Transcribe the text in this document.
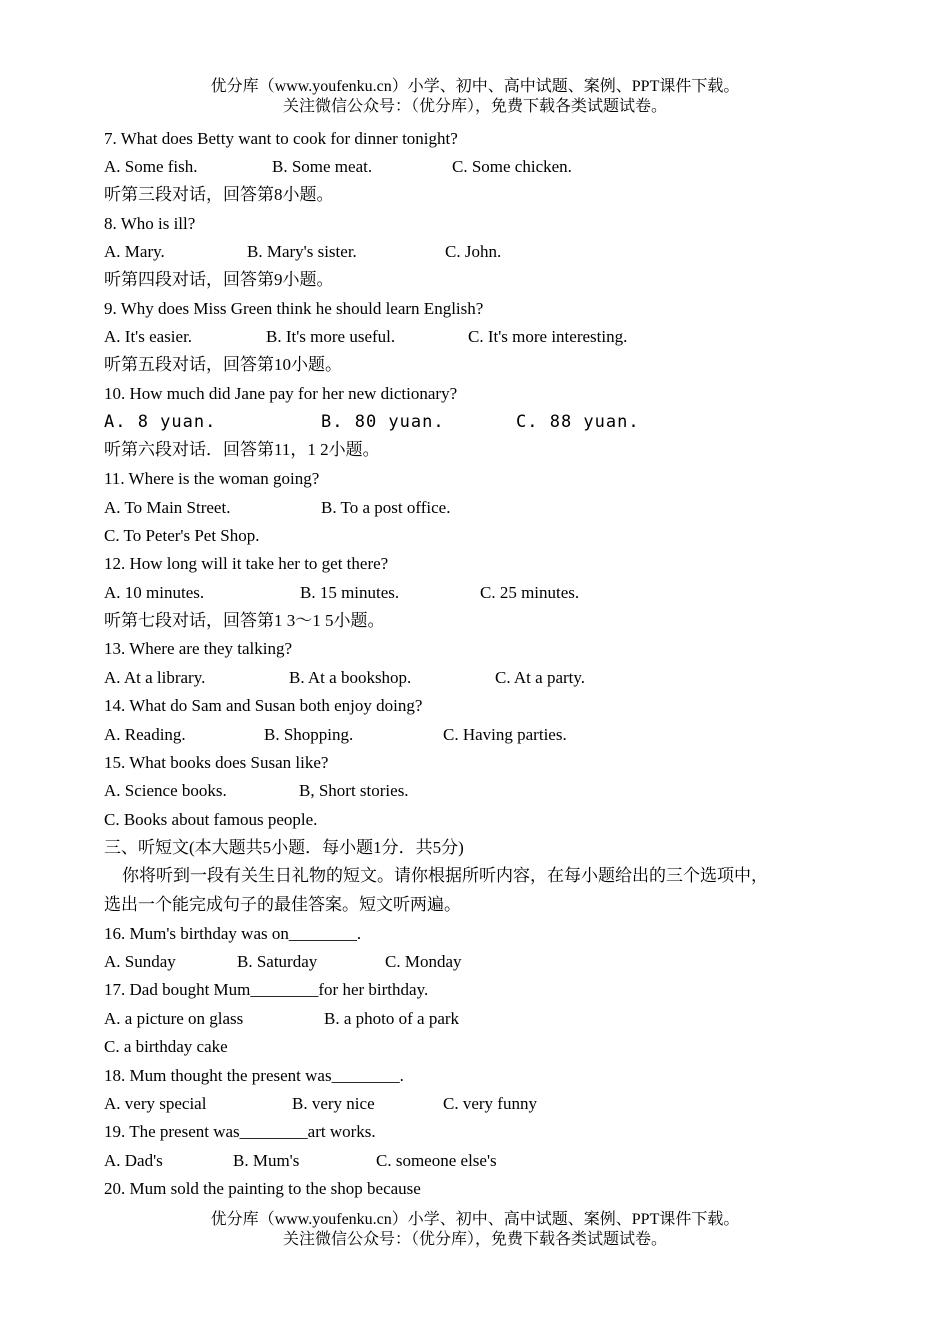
优分库（www.youfenku.cn）小学、初中、高中试题、案例、PPT课件下载。
关注微信公众号：（优分库），免费下载各类试题试卷。
7. What does Betty want to cook for dinner tonight?
A. Some fish.	B. Some meat.	C. Some chicken.
听第三段对话，回答第8小题。
8. Who is ill?
A. Mary.	B. Mary's sister.	C. John.
听第四段对话，回答第9小题。
9. Why does Miss Green think he should learn English?
A. It's easier.	B. It's more useful.	C. It's more interesting.
听第五段对话，回答第10小题。
10. How much did Jane pay for her new dictionary?
A. 8 yuan.	B. 80 yuan.	C. 88 yuan.
听第六段对话．回答第11，1 2小题。
11. Where is the woman going?
A. To Main Street.	B. To a post office.
C. To Peter's Pet Shop.
12. How long will it take her to get there?
A. 10 minutes.	B. 15 minutes.	C. 25 minutes.
听第七段对话，回答第1 3～1 5小题。
13. Where are they talking?
A. At a library.	B. At a bookshop.	C. At a party.
14. What do Sam and Susan both enjoy doing?
A. Reading.	B. Shopping.	C. Having parties.
15. What books does Susan like?
A. Science books.	B, Short stories.
C. Books about famous people.
三、听短文(本大题共5小题．每小题1分．共5分)
你将听到一段有关生日礼物的短文。请你根据所听内容，在每小题给出的三个选项中，
选出一个能完成句子的最佳答案。短文听两遍。
16. Mum's birthday was on________.
A. Sunday	B. Saturday	C. Monday
17. Dad bought Mum________for her birthday.
A. a picture on glass	B. a photo of a park
C. a birthday cake
18. Mum thought the present was________.
A. very special	B. very nice	C. very funny
19. The present was________art works.
A. Dad's	B. Mum's	C. someone else's
20. Mum sold the painting to the shop because
优分库（www.youfenku.cn）小学、初中、高中试题、案例、PPT课件下载。
关注微信公众号：（优分库），免费下载各类试题试卷。
